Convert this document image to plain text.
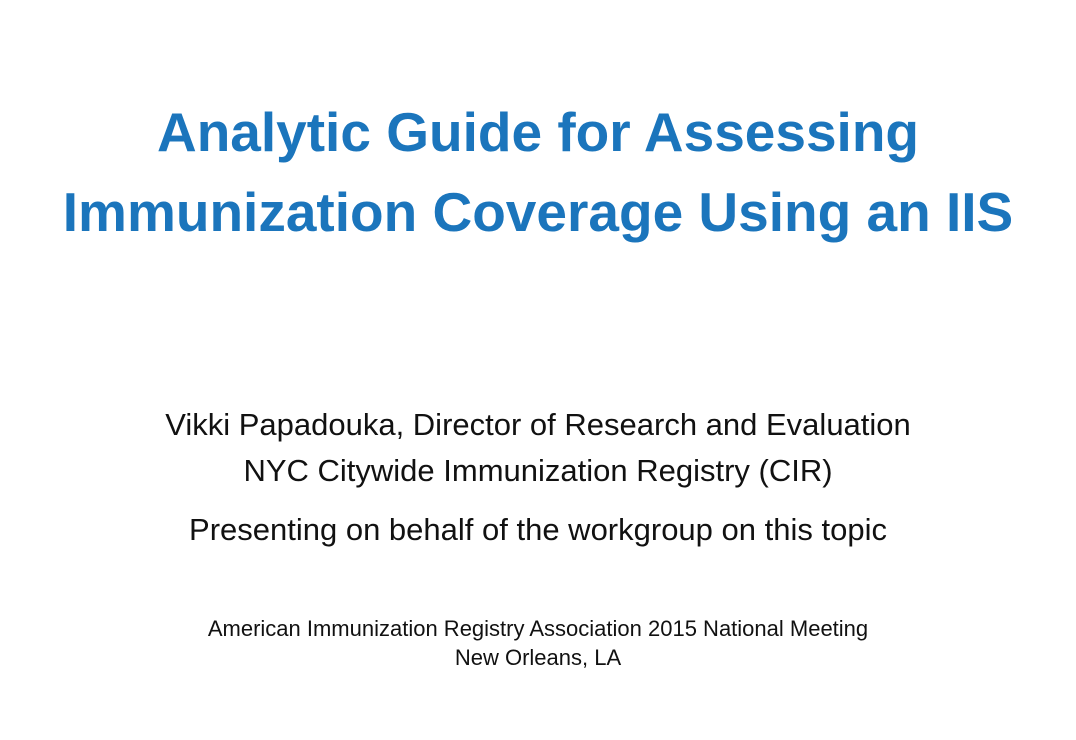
Analytic Guide for Assessing
Immunization Coverage Using an IIS
Vikki Papadouka, Director of Research and Evaluation
NYC Citywide Immunization Registry (CIR)
Presenting on behalf of the workgroup on this topic
American Immunization Registry Association 2015 National Meeting
New Orleans, LA
